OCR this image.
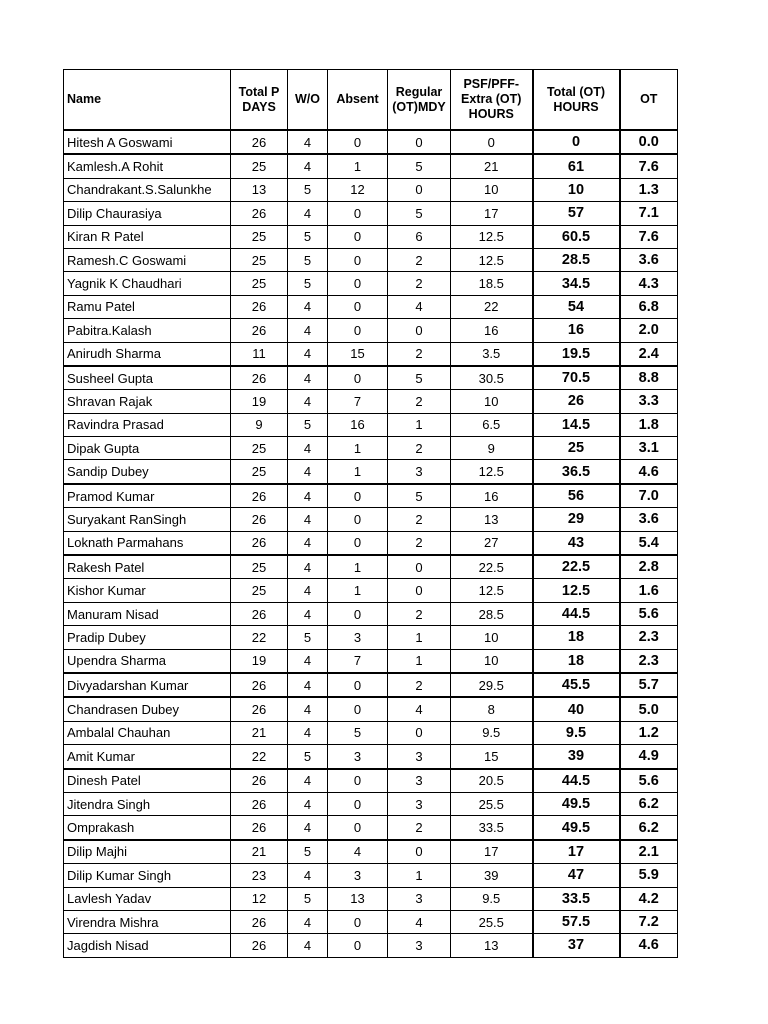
Name	Total P DAYS	W/O	Absent	Regular (OT)MDY	PSF/PFF-Extra (OT) HOURS	Total (OT) HOURS	OT
Hitesh A Goswami	26	4	0	0	0	0	0.0
Kamlesh.A Rohit	25	4	1	5	21	61	7.6
Chandrakant.S.Salunkhe	13	5	12	0	10	10	1.3
Dilip Chaurasiya	26	4	0	5	17	57	7.1
Kiran R Patel	25	5	0	6	12.5	60.5	7.6
Ramesh.C Goswami	25	5	0	2	12.5	28.5	3.6
Yagnik K Chaudhari	25	5	0	2	18.5	34.5	4.3
Ramu Patel	26	4	0	4	22	54	6.8
Pabitra.Kalash	26	4	0	0	16	16	2.0
Anirudh Sharma	11	4	15	2	3.5	19.5	2.4
Susheel Gupta	26	4	0	5	30.5	70.5	8.8
Shravan Rajak	19	4	7	2	10	26	3.3
Ravindra Prasad	9	5	16	1	6.5	14.5	1.8
Dipak Gupta	25	4	1	2	9	25	3.1
Sandip Dubey	25	4	1	3	12.5	36.5	4.6
Pramod Kumar	26	4	0	5	16	56	7.0
Suryakant RanSingh	26	4	0	2	13	29	3.6
Loknath Parmahans	26	4	0	2	27	43	5.4
Rakesh Patel	25	4	1	0	22.5	22.5	2.8
Kishor Kumar	25	4	1	0	12.5	12.5	1.6
Manuram Nisad	26	4	0	2	28.5	44.5	5.6
Pradip Dubey	22	5	3	1	10	18	2.3
Upendra Sharma	19	4	7	1	10	18	2.3
Divyadarshan Kumar	26	4	0	2	29.5	45.5	5.7
Chandrasen Dubey	26	4	0	4	8	40	5.0
Ambalal Chauhan	21	4	5	0	9.5	9.5	1.2
Amit Kumar	22	5	3	3	15	39	4.9
Dinesh Patel	26	4	0	3	20.5	44.5	5.6
Jitendra Singh	26	4	0	3	25.5	49.5	6.2
Omprakash	26	4	0	2	33.5	49.5	6.2
Dilip Majhi	21	5	4	0	17	17	2.1
Dilip Kumar Singh	23	4	3	1	39	47	5.9
Lavlesh Yadav	12	5	13	3	9.5	33.5	4.2
Virendra Mishra	26	4	0	4	25.5	57.5	7.2
Jagdish Nisad	26	4	0	3	13	37	4.6
